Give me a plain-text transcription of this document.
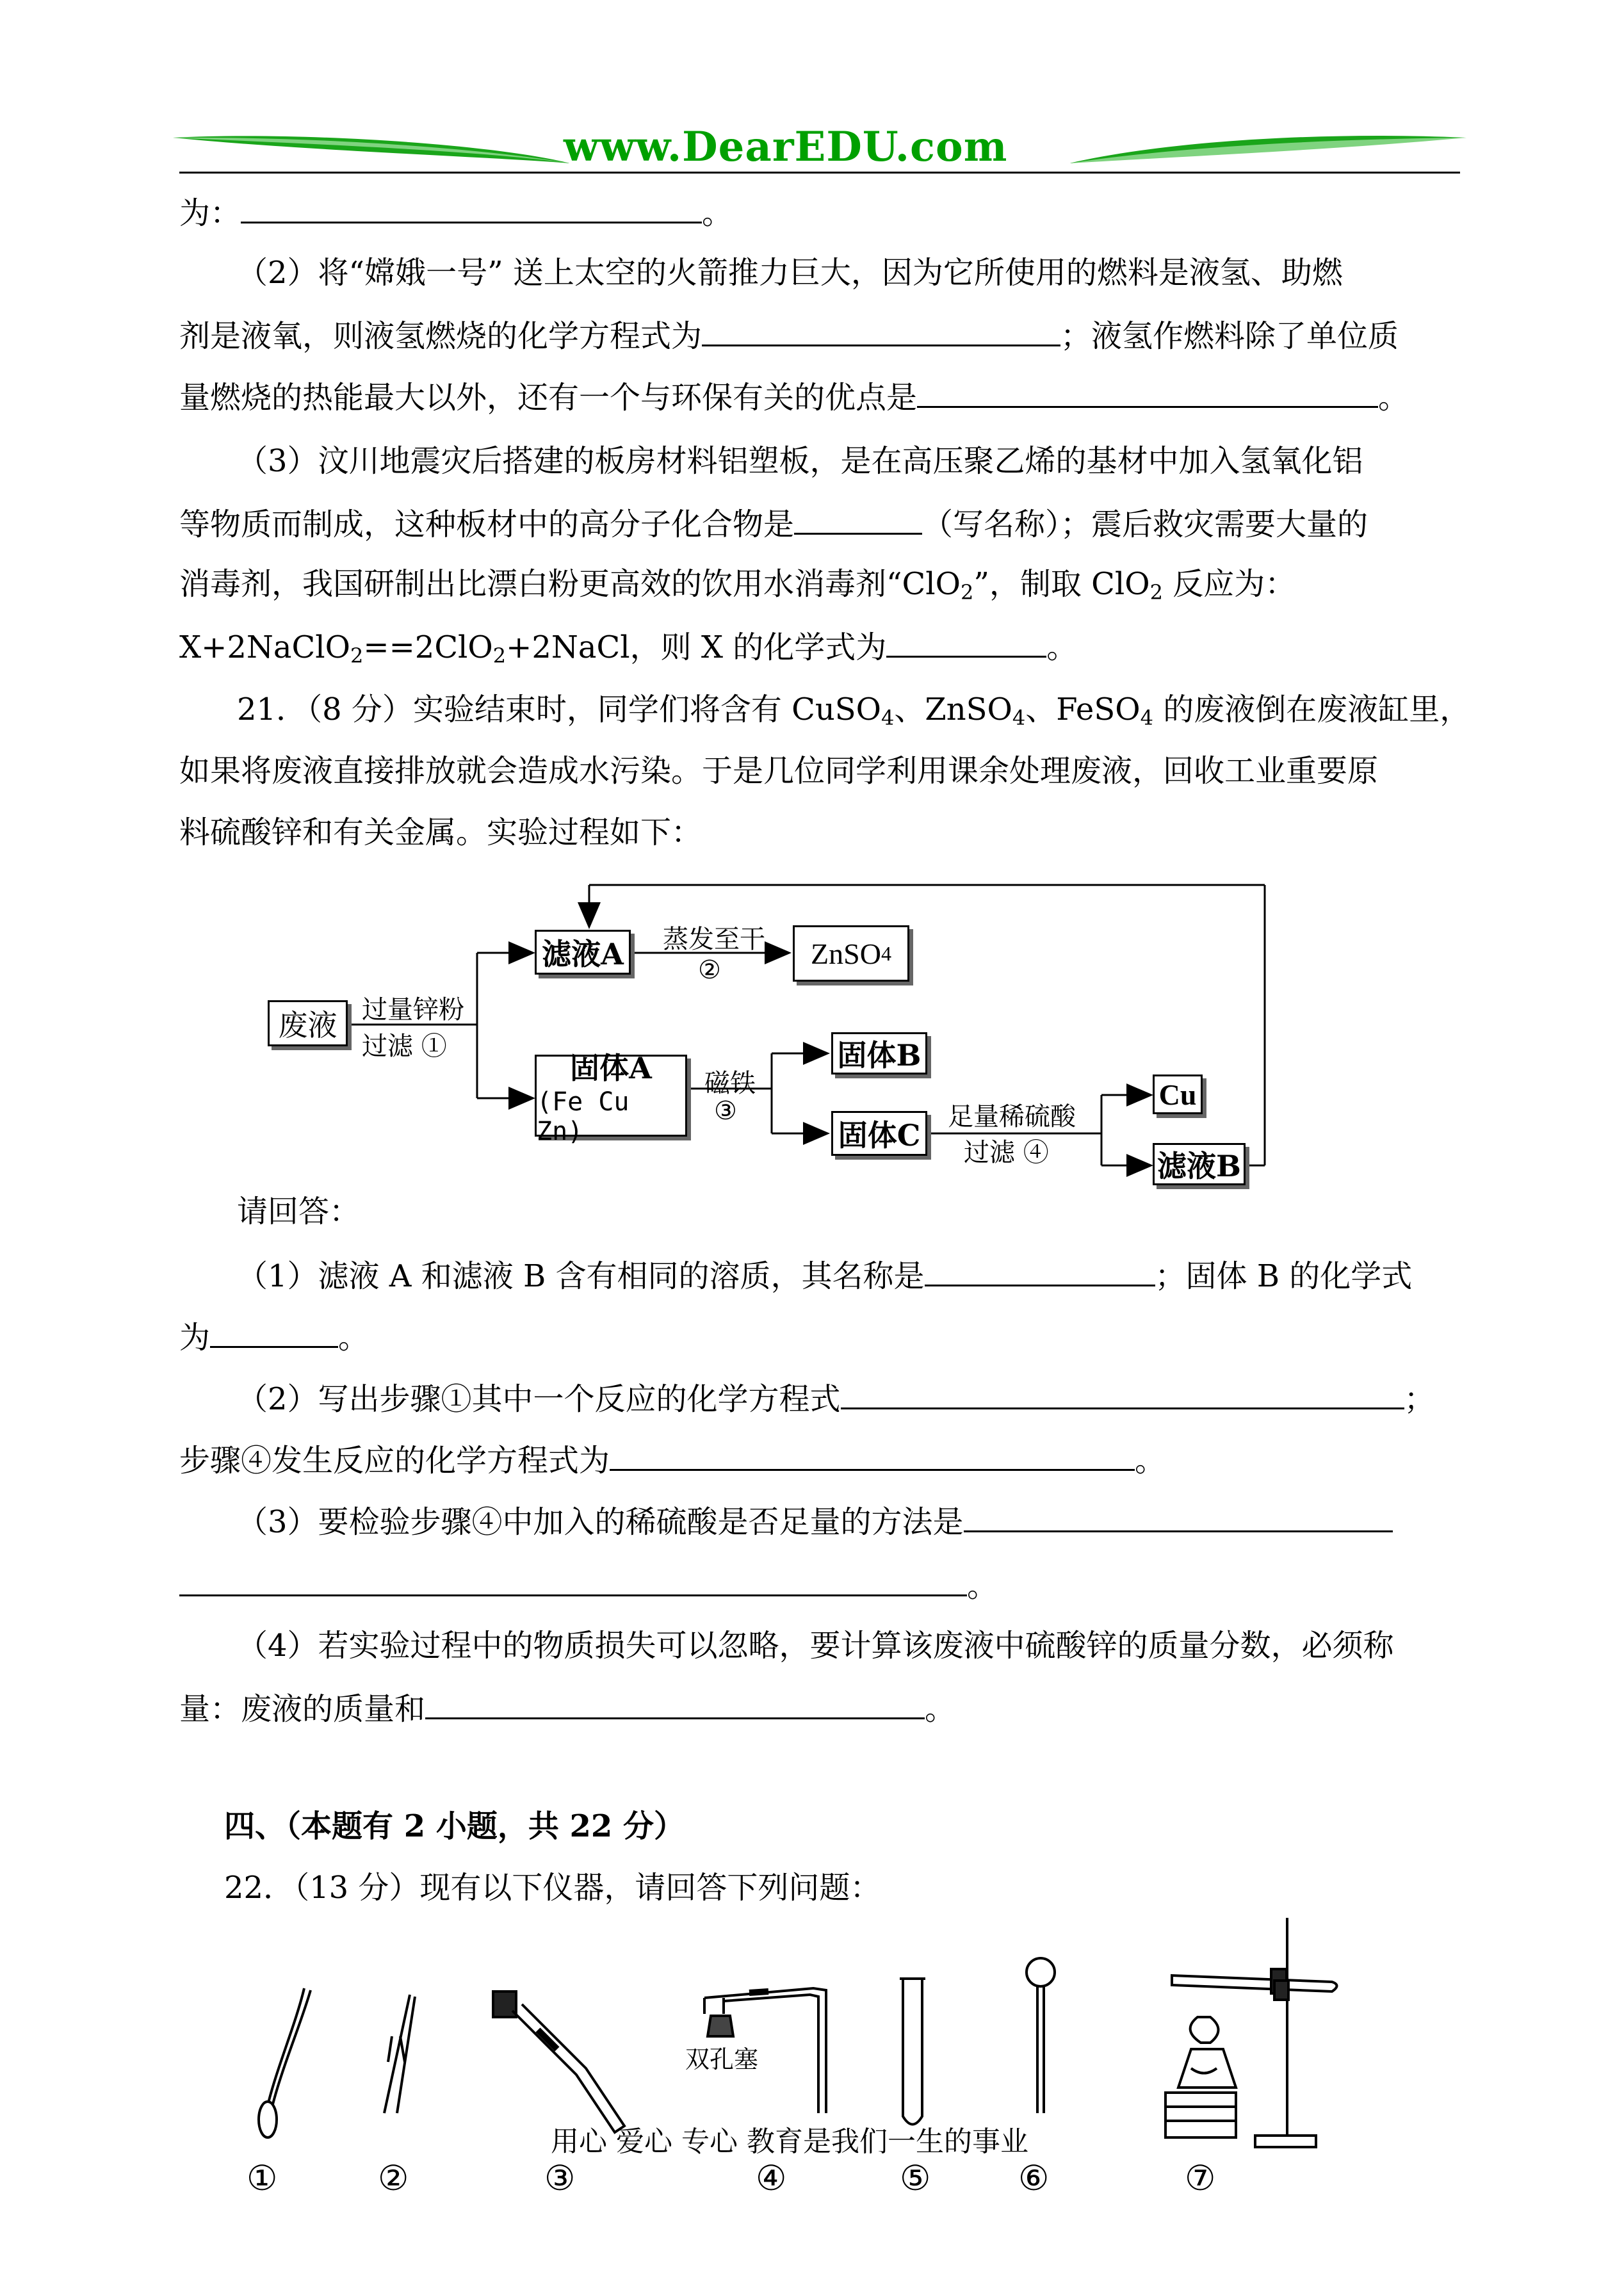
www.DearEDU.com
为：	。
（2）将“嫦娥一号” 送上太空的火箭推力巨大，因为它所使用的燃料是液氢、助燃
剂是液氧，则液氢燃烧的化学方程式为	；液氢作燃料除了单位质
量燃烧的热能最大以外，还有一个与环保有关的优点是	。
（3）汶川地震灾后搭建的板房材料铝塑板，是在高压聚乙烯的基材中加入氢氧化铝
等物质而制成，这种板材中的高分子化合物是	（写名称）；震后救灾需要大量的
消毒剂，我国研制出比漂白粉更高效的饮用水消毒剂“ClO$_2$”，制取 ClO$_2$ 反应为：
X+2NaClO$_2$==2ClO$_2$+2NaCl，则 X 的化学式为	。
21．（8 分）实验结束时，同学们将含有 CuSO$_4$、ZnSO$_4$、FeSO$_4$ 的废液倒在废液缸里，
如果将废液直接排放就会造成水污染。于是几位同学利用课余处理废液，回收工业重要原
料硫酸锌和有关金属。实验过程如下：
废液 过量锌粉
过滤 ①
滤液A 蒸发至干
②
ZnSO 4
固体A
(Fe Cu Zn)
磁铁
③
固体B
固体C
足量稀硫酸
过滤 ④
Cu
滤液B
请回答：
（1）滤液 A 和滤液 B 含有相同的溶质，其名称是	；固体 B 的化学式
为	。
（2）写出步骤①其中一个反应的化学方程式	；
步骤④发生反应的化学方程式为	。
（3）要检验步骤④中加入的稀硫酸是否足量的方法是
。
（4）若实验过程中的物质损失可以忽略，要计算该废液中硫酸锌的质量分数，必须称
量：废液的质量和	。
四、（本题有 2 小题，共 22 分）
22．（13 分）现有以下仪器，请回答下列问题：
双孔塞
①	②	③	④	⑤	⑥	⑦
用心 爱心 专心 教育是我们一生的事业
